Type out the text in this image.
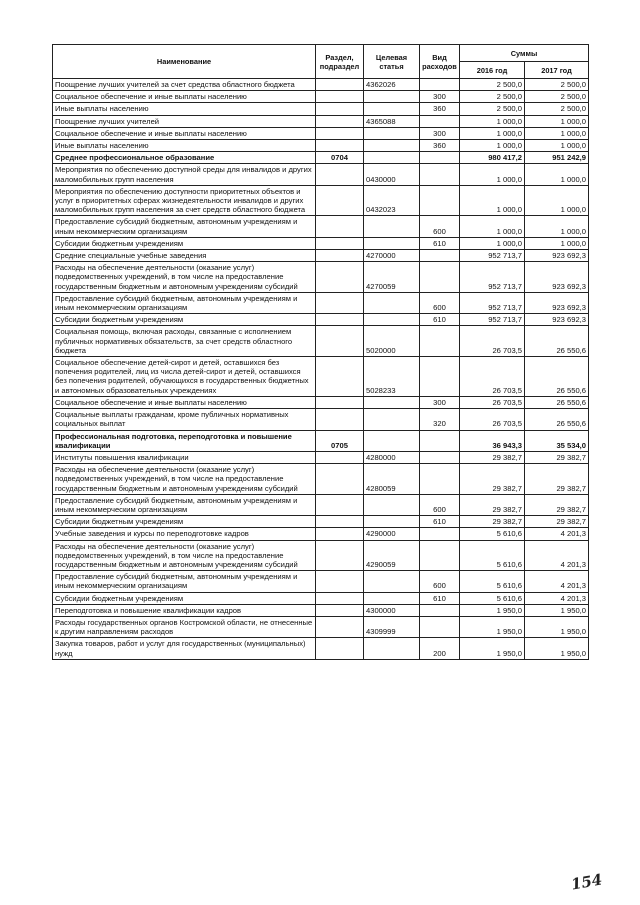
Наименование	Раздел, подраздел	Целевая статья	Вид расходов	Суммы	
				2016 год	2017 год
Поощрение лучших учителей за счет средства областного бюджета		4362026		2 500,0	2 500,0
Социальное обеспечение и иные выплаты населению			300	2 500,0	2 500,0
Иные выплаты населению			360	2 500,0	2 500,0
Поощрение лучших учителей		4365088		1 000,0	1 000,0
Социальное обеспечение и иные выплаты населению			300	1 000,0	1 000,0
Иные выплаты населению			360	1 000,0	1 000,0
Среднее профессиональное образование	0704			980 417,2	951 242,9
Мероприятия по обеспечению доступной среды для инвалидов и других маломобильных групп населения		0430000		1 000,0	1 000,0
Мероприятия по обеспечению доступности приоритетных объектов и услуг в приоритетных сферах жизнедеятельности инвалидов и других маломобильных групп населения за счет средств областного бюджета		0432023		1 000,0	1 000,0
Предоставление субсидий бюджетным, автономным учреждениям и иным некоммерческим организациям			600	1 000,0	1 000,0
Субсидии бюджетным учреждениям			610	1 000,0	1 000,0
Средние специальные учебные заведения		4270000		952 713,7	923 692,3
Расходы на обеспечение деятельности (оказание услуг) подведомственных учреждений, в том числе на предоставление государственным бюджетным и автономным учреждениям субсидий		4270059		952 713,7	923 692,3
Предоставление субсидий бюджетным, автономным учреждениям и иным некоммерческим организациям			600	952 713,7	923 692,3
Субсидии бюджетным учреждениям			610	952 713,7	923 692,3
Социальная помощь, включая расходы, связанные с исполнением публичных нормативных обязательств, за счет средств областного бюджета		5020000		26 703,5	26 550,6
Социальное обеспечение детей-сирот и детей, оставшихся без попечения родителей, лиц из числа детей-сирот и детей, оставшихся без попечения родителей, обучающихся в государственных бюджетных и автономных образовательных учреждениях		5028233		26 703,5	26 550,6
Социальное обеспечение и иные выплаты населению			300	26 703,5	26 550,6
Социальные выплаты гражданам, кроме публичных нормативных социальных выплат			320	26 703,5	26 550,6
Профессиональная подготовка, переподготовка и повышение квалификации	0705			36 943,3	35 534,0
Институты повышения квалификации		4280000		29 382,7	29 382,7
Расходы на обеспечение деятельности (оказание услуг) подведомственных учреждений, в том числе на предоставление государственным бюджетным и автономным учреждениям субсидий		4280059		29 382,7	29 382,7
Предоставление субсидий бюджетным, автономным учреждениям и иным некоммерческим организациям			600	29 382,7	29 382,7
Субсидии бюджетным учреждениям			610	29 382,7	29 382,7
Учебные заведения и курсы по переподготовке кадров		4290000		5 610,6	4 201,3
Расходы на обеспечение деятельности (оказание услуг) подведомственных учреждений, в том числе на предоставление государственным бюджетным и автономным учреждениям субсидий		4290059		5 610,6	4 201,3
Предоставление субсидий бюджетным, автономным учреждениям и иным некоммерческим организациям			600	5 610,6	4 201,3
Субсидии бюджетным учреждениям			610	5 610,6	4 201,3
Переподготовка и повышение квалификации кадров		4300000		1 950,0	1 950,0
Расходы государственных органов Костромской области, не отнесенные к другим направлениям расходов		4309999		1 950,0	1 950,0
Закупка товаров, работ и услуг для государственных (муниципальных) нужд			200	1 950,0	1 950,0
154
